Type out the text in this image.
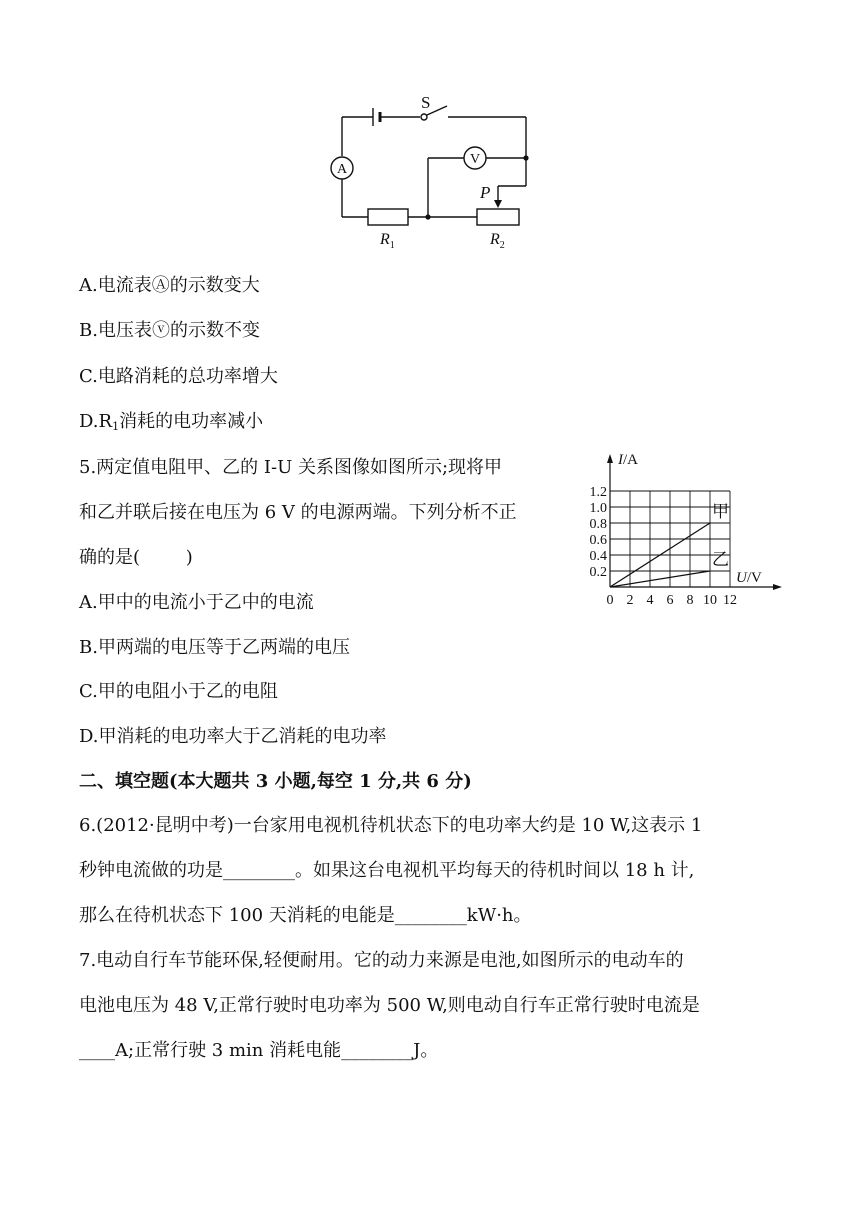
S
A
V
P
$R_1$	$R_2$
A.电流表Ⓐ的示数变大
B.电压表ⓥ的示数不变
C.电路消耗的总功率增大
$D.R_1$消耗的电功率减小
5.两定值电阻甲、乙的 I-U 关系图像如图所示;现将甲
和乙并联后接在电压为 6 V 的电源两端。下列分析不正
确的是(        )
A.甲中的电流小于乙中的电流
B.甲两端的电压等于乙两端的电压
C.甲的电阻小于乙的电阻
D.甲消耗的电功率大于乙消耗的电功率
I/A
U/V
0 2 4 6 8 10 12
0.2
0.4
0.6
0.8
1.0
1.2
甲
乙
二、填空题(本大题共 3 小题,每空 1 分,共 6 分)
6.(2012·昆明中考)一台家用电视机待机状态下的电功率大约是 10 W,这表示 1
秒钟电流做的功是________。如果这台电视机平均每天的待机时间以 18 h 计,
那么在待机状态下 100 天消耗的电能是________kW·h。
7.电动自行车节能环保,轻便耐用。它的动力来源是电池,如图所示的电动车的
电池电压为 48 V,正常行驶时电功率为 500 W,则电动自行车正常行驶时电流是
____A;正常行驶 3 min 消耗电能________J。
